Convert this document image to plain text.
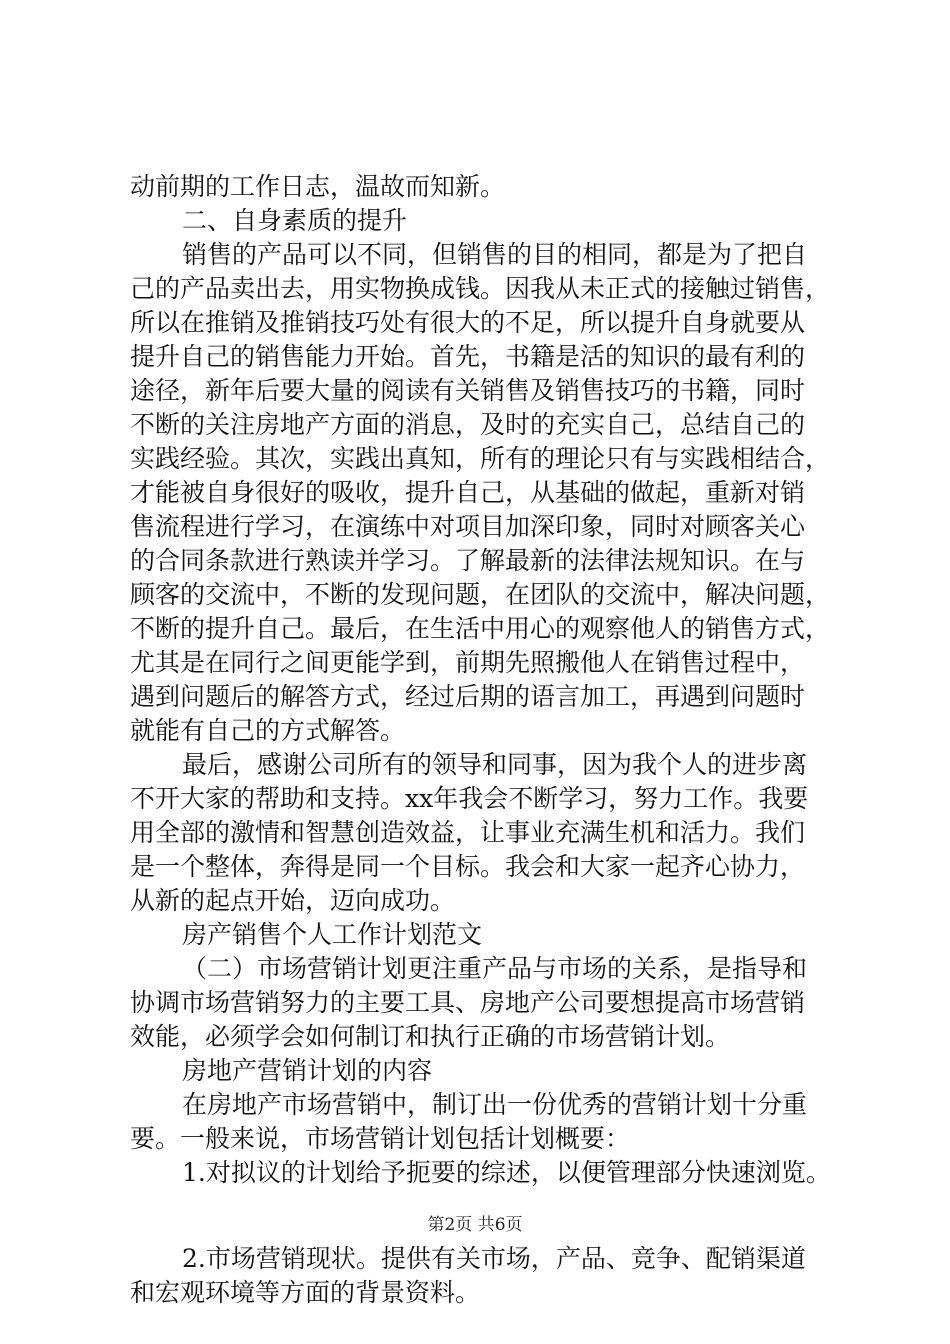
动前期的工作日志，温故而知新。
二、自身素质的提升
销售的产品可以不同，但销售的目的相同，都是为了把自
己的产品卖出去，用实物换成钱。因我从未正式的接触过销售，
所以在推销及推销技巧处有很大的不足，所以提升自身就要从
提升自己的销售能力开始。首先，书籍是活的知识的最有利的
途径，新年后要大量的阅读有关销售及销售技巧的书籍，同时
不断的关注房地产方面的消息，及时的充实自己，总结自己的
实践经验。其次，实践出真知，所有的理论只有与实践相结合，
才能被自身很好的吸收，提升自己，从基础的做起，重新对销
售流程进行学习，在演练中对项目加深印象，同时对顾客关心
的合同条款进行熟读并学习。了解最新的法律法规知识。在与
顾客的交流中，不断的发现问题，在团队的交流中，解决问题，
不断的提升自己。最后，在生活中用心的观察他人的销售方式，
尤其是在同行之间更能学到，前期先照搬他人在销售过程中，
遇到问题后的解答方式，经过后期的语言加工，再遇到问题时
就能有自己的方式解答。
最后，感谢公司所有的领导和同事，因为我个人的进步离
不开大家的帮助和支持。xx年我会不断学习，努力工作。我要
用全部的激情和智慧创造效益，让事业充满生机和活力。我们
是一个整体，奔得是同一个目标。我会和大家一起齐心协力，
从新的起点开始，迈向成功。
房产销售个人工作计划范文
（二）市场营销计划更注重产品与市场的关系，是指导和
协调市场营销努力的主要工具、房地产公司要想提高市场营销
效能，必须学会如何制订和执行正确的市场营销计划。
房地产营销计划的内容
在房地产市场营销中，制订出一份优秀的营销计划十分重
要。一般来说，市场营销计划包括计划概要：
1.对拟议的计划给予扼要的综述，以便管理部分快速浏览。
2.市场营销现状。提供有关市场，产品、竞争、配销渠道
和宏观环境等方面的背景资料。
第2页 共6页
